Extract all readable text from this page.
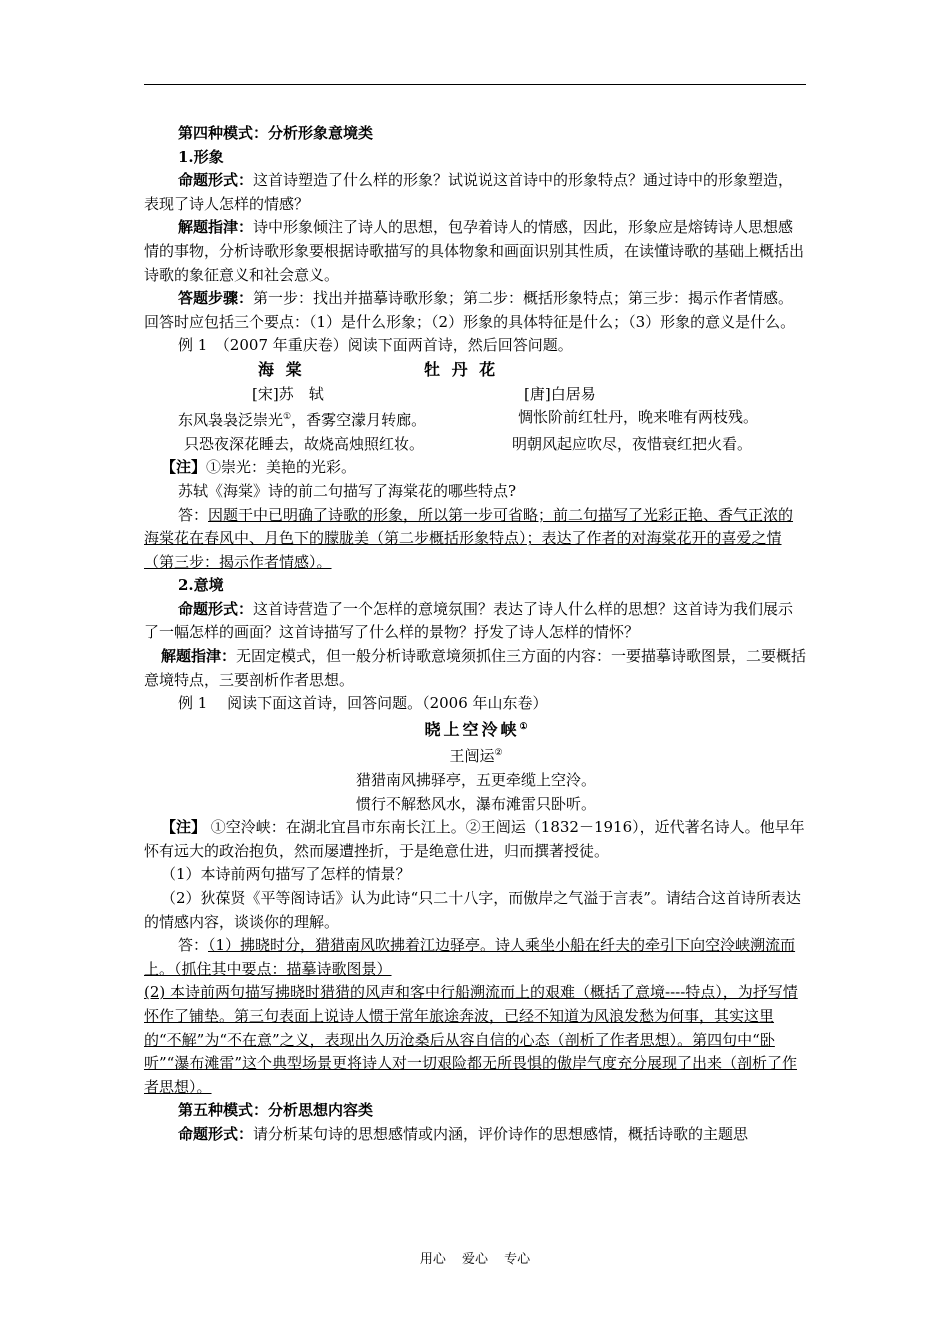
第四种模式：分析形象意境类

1.形象

命题形式：这首诗塑造了什么样的形象？试说说这首诗中的形象特点？通过诗中的形象塑造，表现了诗人怎样的情感？

解题指津：诗中形象倾注了诗人的思想，包孕着诗人的情感，因此，形象应是熔铸诗人思想感情的事物，分析诗歌形象要根据诗歌描写的具体物象和画面识别其性质，在读懂诗歌的基础上概括出诗歌的象征意义和社会意义。

答题步骤：第一步：找出并描摹诗歌形象；第二步：概括形象特点；第三步：揭示作者情感。回答时应包括三个要点：（1）是什么形象；（2）形象的具体特征是什么；（3）形象的意义是什么。

例 1　（2007 年重庆卷）阅读下面两首诗，然后回答问题。

海 棠	牡 丹 花
[宋]苏　轼	[唐]白居易
东风袅袅泛崇光①，香雾空濛月转廊。	惆怅阶前红牡丹，晚来唯有两枝残。
只恐夜深花睡去，故烧高烛照红妆。	明朝风起应吹尽，夜惜衰红把火看。

【注】①崇光：美艳的光彩。

苏轼《海棠》诗的前二句描写了海棠花的哪些特点?

答：因题干中已明确了诗歌的形象，所以第一步可省略；前二句描写了光彩正艳、香气正浓的海棠花在春风中、月色下的朦胧美（第二步概括形象特点）；表达了作者的对海棠花开的喜爱之情（第三步：揭示作者情感）。

2.意境

命题形式：这首诗营造了一个怎样的意境氛围？表达了诗人什么样的思想？这首诗为我们展示了一幅怎样的画面？这首诗描写了什么样的景物？抒发了诗人怎样的情怀？

解题指津：无固定模式，但一般分析诗歌意境须抓住三方面的内容：一要描摹诗歌图景，二要概括意境特点，三要剖析作者思想。

例 1　 阅读下面这首诗，回答问题。（2006 年山东卷）

晓上空泠峡①

王闿运②

猎猎南风拂驿亭，五更牵缆上空泠。

惯行不解愁风水，瀑布滩雷只卧听。

【注】 ①空泠峡：在湖北宜昌市东南长江上。②王闿运（1832－1916），近代著名诗人。他早年怀有远大的政治抱负，然而屡遭挫折，于是绝意仕进，归而撰著授徒。

（1）本诗前两句描写了怎样的情景？

（2）狄葆贤《平等阁诗话》认为此诗“只二十八字，而傲岸之气溢于言表”。请结合这首诗所表达的情感内容，谈谈你的理解。

答：（1）拂晓时分，猎猎南风吹拂着江边驿亭。诗人乘坐小船在纤夫的牵引下向空泠峡溯流而上。（抓住其中要点：描摹诗歌图景）

(2) 本诗前两句描写拂晓时猎猎的风声和客中行船溯流而上的艰难（概括了意境----特点），为抒写情怀作了铺垫。第三句表面上说诗人惯于常年旅途奔波，已经不知道为风浪发愁为何事，其实这里的“不解”为“不在意”之义，表现出久历沧桑后从容自信的心态（剖析了作者思想）。第四句中“卧听”“瀑布滩雷”这个典型场景更将诗人对一切艰险都无所畏惧的傲岸气度充分展现了出来（剖析了作者思想）。

第五种模式：分析思想内容类

命题形式：请分析某句诗的思想感情或内涵，评价诗作的思想感情，概括诗歌的主题思

用心 爱心 专心
